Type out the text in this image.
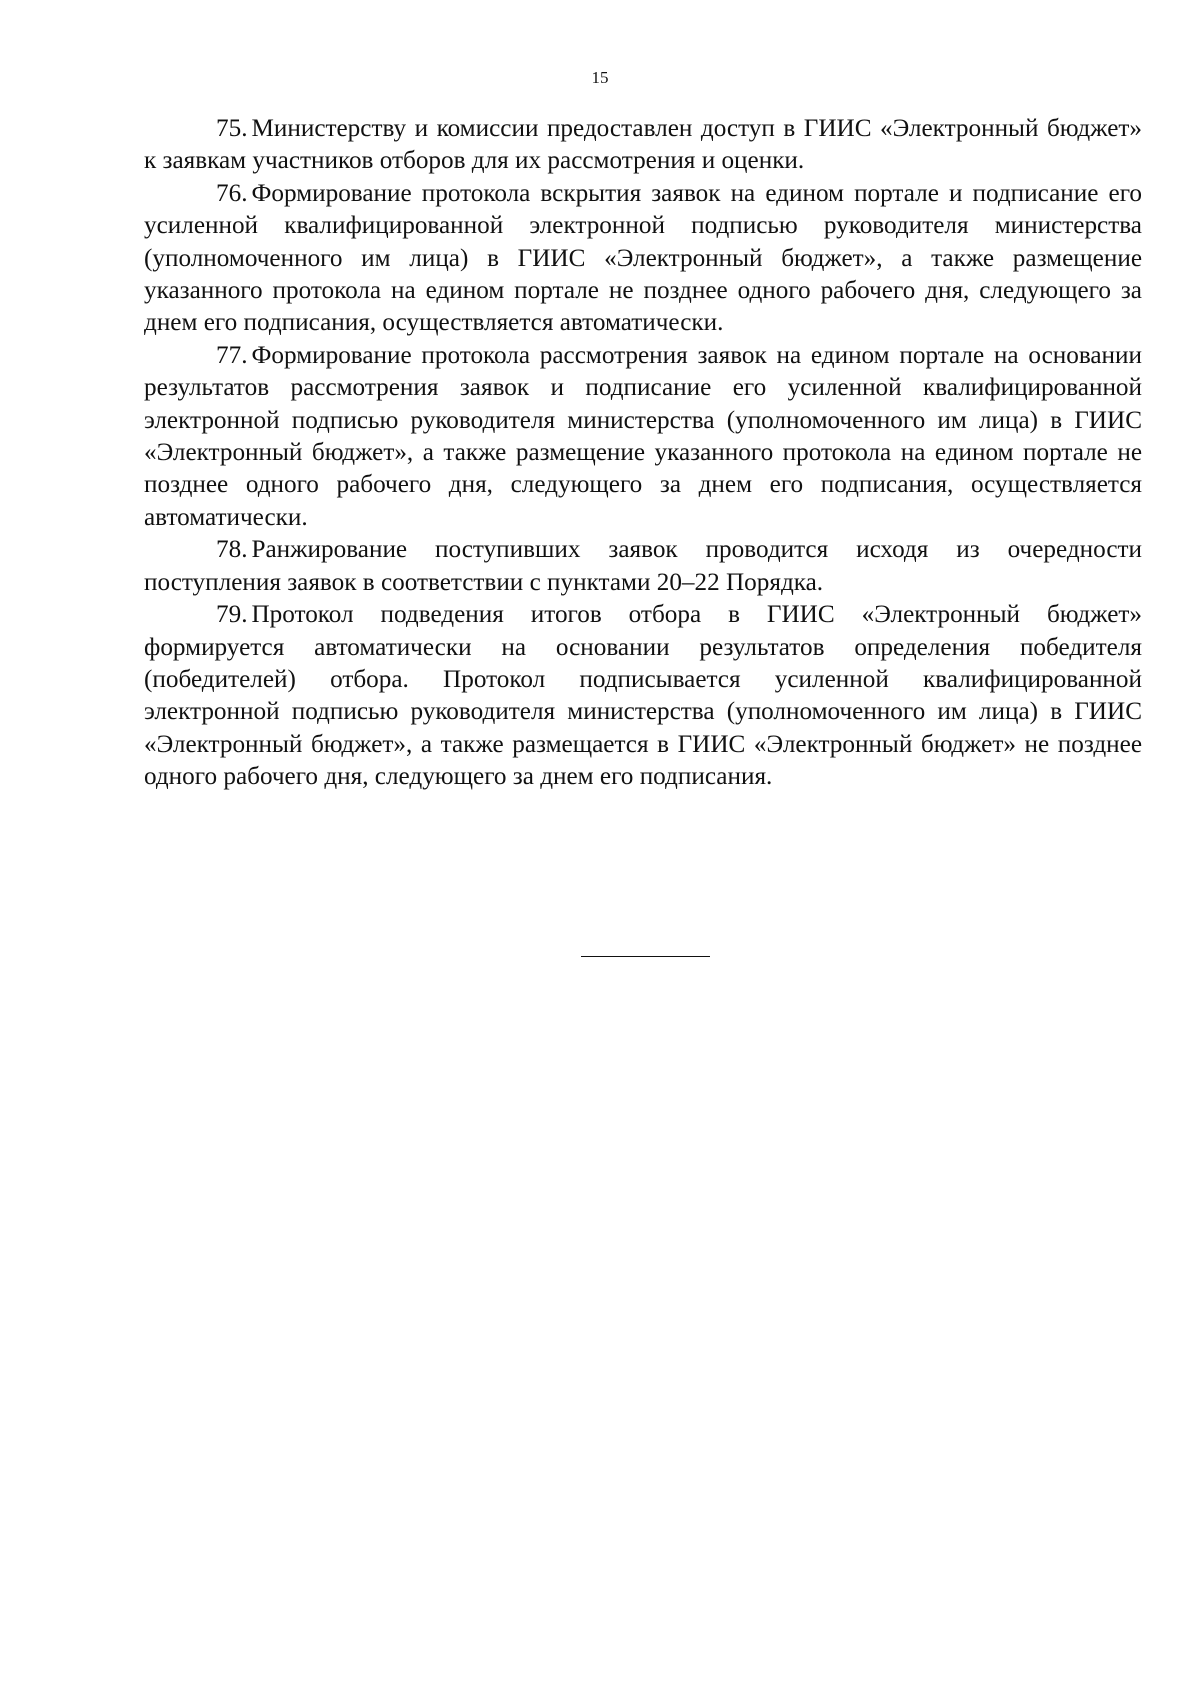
15

75. Министерству и комиссии предоставлен доступ в ГИИС «Электронный бюджет» к заявкам участников отборов для их рассмотрения и оценки.

76. Формирование протокола вскрытия заявок на едином портале и подписание его усиленной квалифицированной электронной подписью руководителя министерства (уполномоченного им лица) в ГИИС «Электронный бюджет», а также размещение указанного протокола на едином портале не позднее одного рабочего дня, следующего за днем его подписания, осуществляется автоматически.

77. Формирование протокола рассмотрения заявок на едином портале на основании результатов рассмотрения заявок и подписание его усиленной квалифицированной электронной подписью руководителя министерства (уполномоченного им лица) в ГИИС «Электронный бюджет», а также размещение указанного протокола на едином портале не позднее одного рабочего дня, следующего за днем его подписания, осуществляется автоматически.

78. Ранжирование поступивших заявок проводится исходя из очередности поступления заявок в соответствии с пунктами 20–22 Порядка.

79. Протокол подведения итогов отбора в ГИИС «Электронный бюджет» формируется автоматически на основании результатов определения победителя (победителей) отбора. Протокол подписывается усиленной квалифицированной электронной подписью руководителя министерства (уполномоченного им лица) в ГИИС «Электронный бюджет», а также размещается в ГИИС «Электронный бюджет» не позднее одного рабочего дня, следующего за днем его подписания.
